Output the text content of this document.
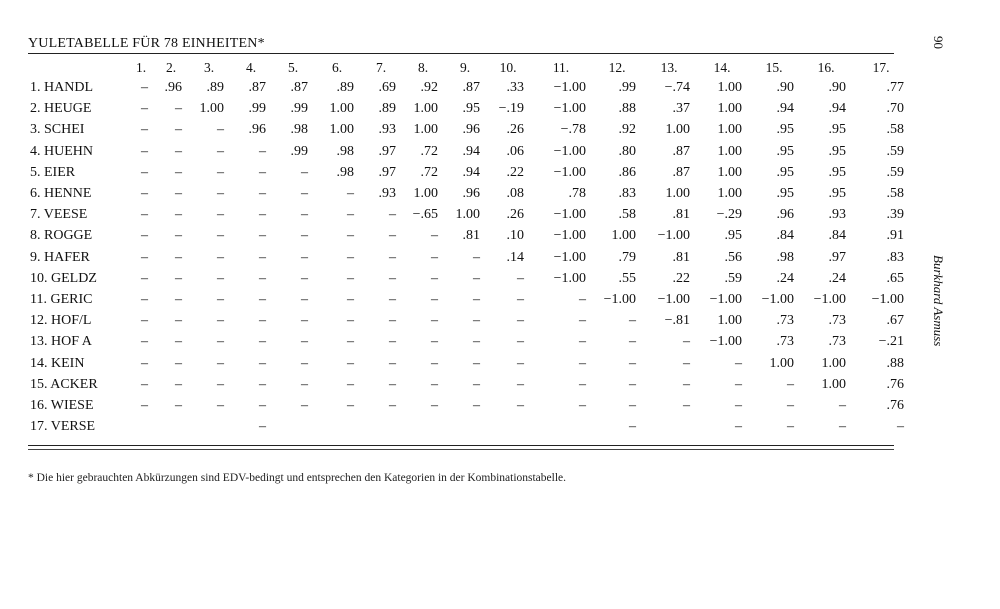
YULETABELLE FÜR 78 EINHEITEN*
	1.	2.	3.	4.	5.	6.	7.	8.	9.	10.	11.	12.	13.	14.	15.	16.	17.
1. HANDL	–	.96	.89	.87	.87	.89	.69	.92	.87	.33	−1.00	.99	−.74	1.00	.90	.90	.77
2. HEUGE	–	–	1.00	.99	.99	1.00	.89	1.00	.95	−.19	−1.00	.88	.37	1.00	.94	.94	.70
3. SCHEI	–	–	–	.96	.98	1.00	.93	1.00	.96	.26	−.78	.92	1.00	1.00	.95	.95	.58
4. HUEHN	–	–	–	–	.99	.98	.97	.72	.94	.06	−1.00	.80	.87	1.00	.95	.95	.59
5. EIER	–	–	–	–	–	.98	.97	.72	.94	.22	−1.00	.86	.87	1.00	.95	.95	.59
6. HENNE	–	–	–	–	–	–	.93	1.00	.96	.08	.78	.83	1.00	1.00	.95	.95	.58
7. VEESE	–	–	–	–	–	–	–	−.65	1.00	.26	−1.00	.58	.81	−.29	.96	.93	.39
8. ROGGE	–	–	–	–	–	–	–	–	.81	.10	−1.00	1.00	−1.00	.95	.84	.84	.91
9. HAFER	–	–	–	–	–	–	–	–	–	.14	−1.00	.79	.81	.56	.98	.97	.83
10. GELDZ	–	–	–	–	–	–	–	–	–	–	−1.00	.55	.22	.59	.24	.24	.65
11. GERIC	–	–	–	–	–	–	–	–	–	–	–	−1.00	−1.00	−1.00	−1.00	−1.00	−1.00
12. HOF/L	–	–	–	–	–	–	–	–	–	–	–	–	−.81	1.00	.73	.73	.67
13. HOF A	–	–	–	–	–	–	–	–	–	–	–	–	–	−1.00	.73	.73	−.21
14. KEIN	–	–	–	–	–	–	–	–	–	–	–	–	–	–	1.00	1.00	.88
15. ACKER	–	–	–	–	–	–	–	–	–	–	–	–	–	–	–	1.00	.76
16. WIESE	–	–	–	–	–	–	–	–	–	–	–	–	–	–	–	–	.76
17. VERSE				–								–		–	–	–	–
* Die hier gebrauchten Abkürzungen sind EDV-bedingt und entsprechen den Kategorien in der Kombinationstabelle.
90
Burkhard Asmuss
